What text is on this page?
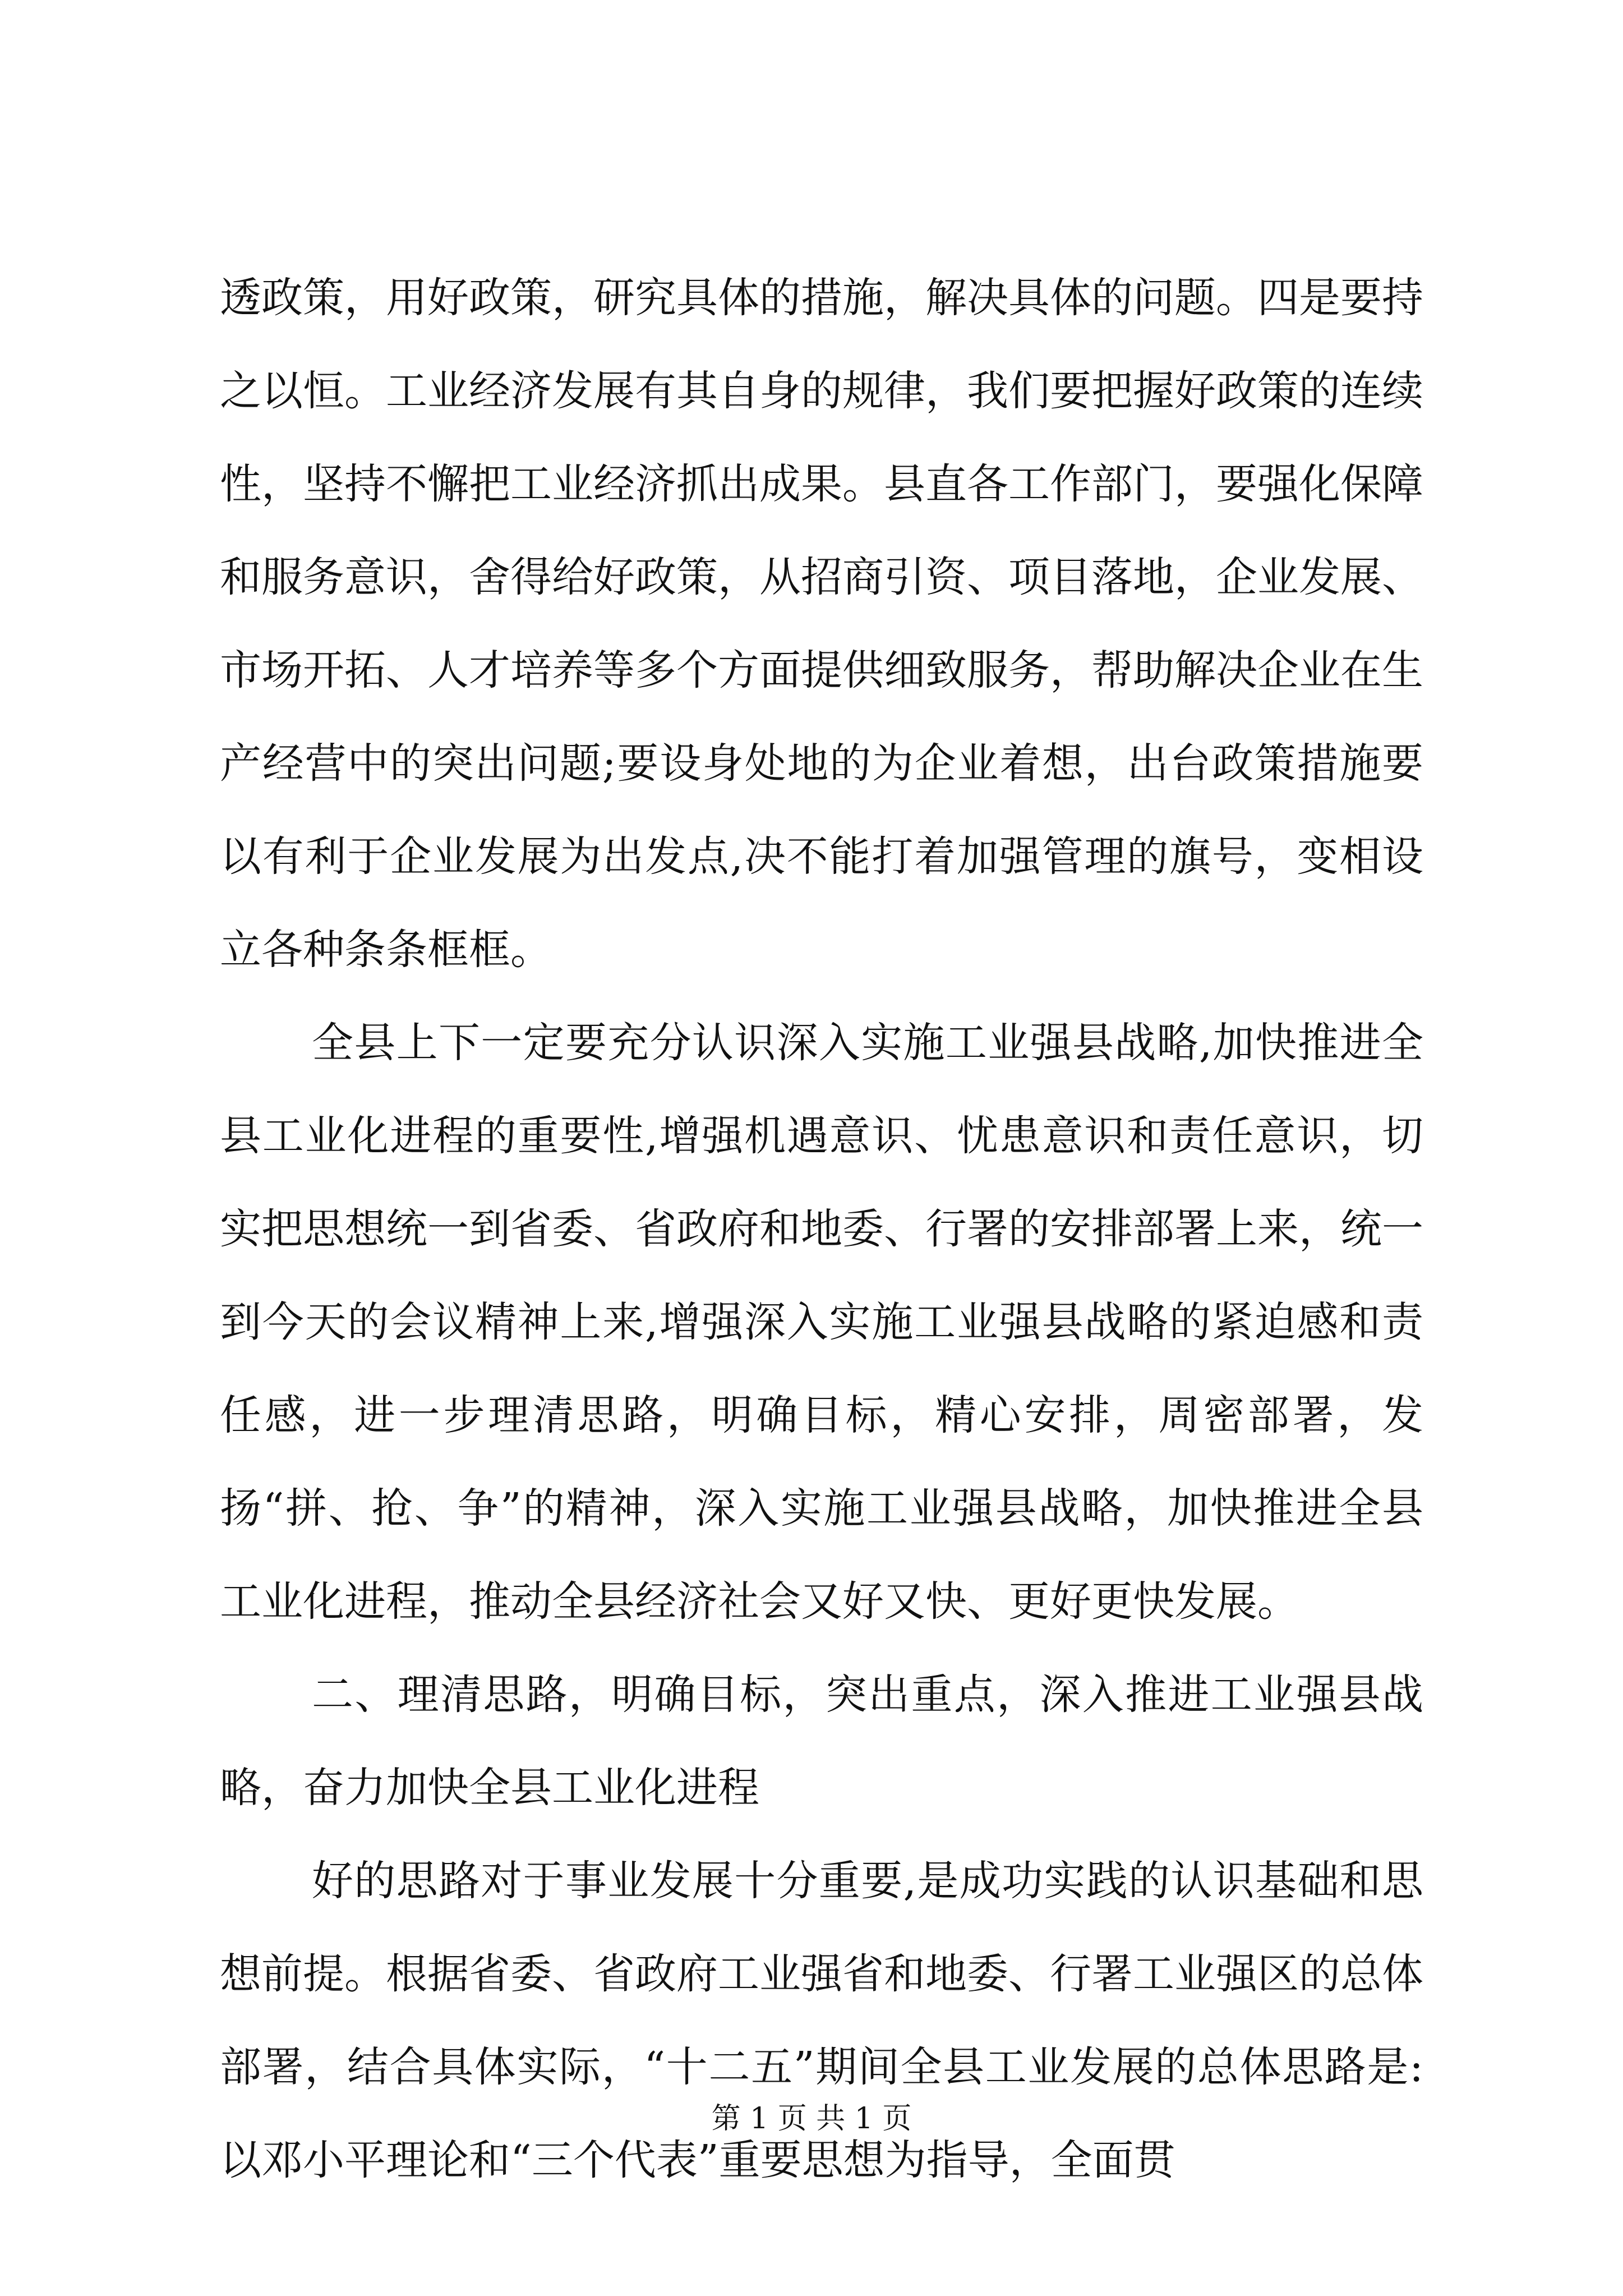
透政策，用好政策，研究具体的措施，解决具体的问题。四是要持之以恒。工业经济发展有其自身的规律，我们要把握好政策的连续性，坚持不懈把工业经济抓出成果。县直各工作部门，要强化保障和服务意识，舍得给好政策，从招商引资、项目落地，企业发展、市场开拓、人才培养等多个方面提供细致服务，帮助解决企业在生产经营中的突出问题;要设身处地的为企业着想，出台政策措施要以有利于企业发展为出发点,决不能打着加强管理的旗号，变相设立各种条条框框。

全县上下一定要充分认识深入实施工业强县战略,加快推进全县工业化进程的重要性,增强机遇意识、忧患意识和责任意识，切实把思想统一到省委、省政府和地委、行署的安排部署上来，统一到今天的会议精神上来,增强深入实施工业强县战略的紧迫感和责任感，进一步理清思路，明确目标，精心安排，周密部署，发扬“拼、抢、争”的精神，深入实施工业强县战略，加快推进全县工业化进程，推动全县经济社会又好又快、更好更快发展。

二、理清思路，明确目标，突出重点，深入推进工业强县战略，奋力加快全县工业化进程

好的思路对于事业发展十分重要,是成功实践的认识基础和思想前提。根据省委、省政府工业强省和地委、行署工业强区的总体部署，结合具体实际，“十二五”期间全县工业发展的总体思路是:以邓小平理论和“三个代表”重要思想为指导，全面贯

第 1 页 共 1 页
